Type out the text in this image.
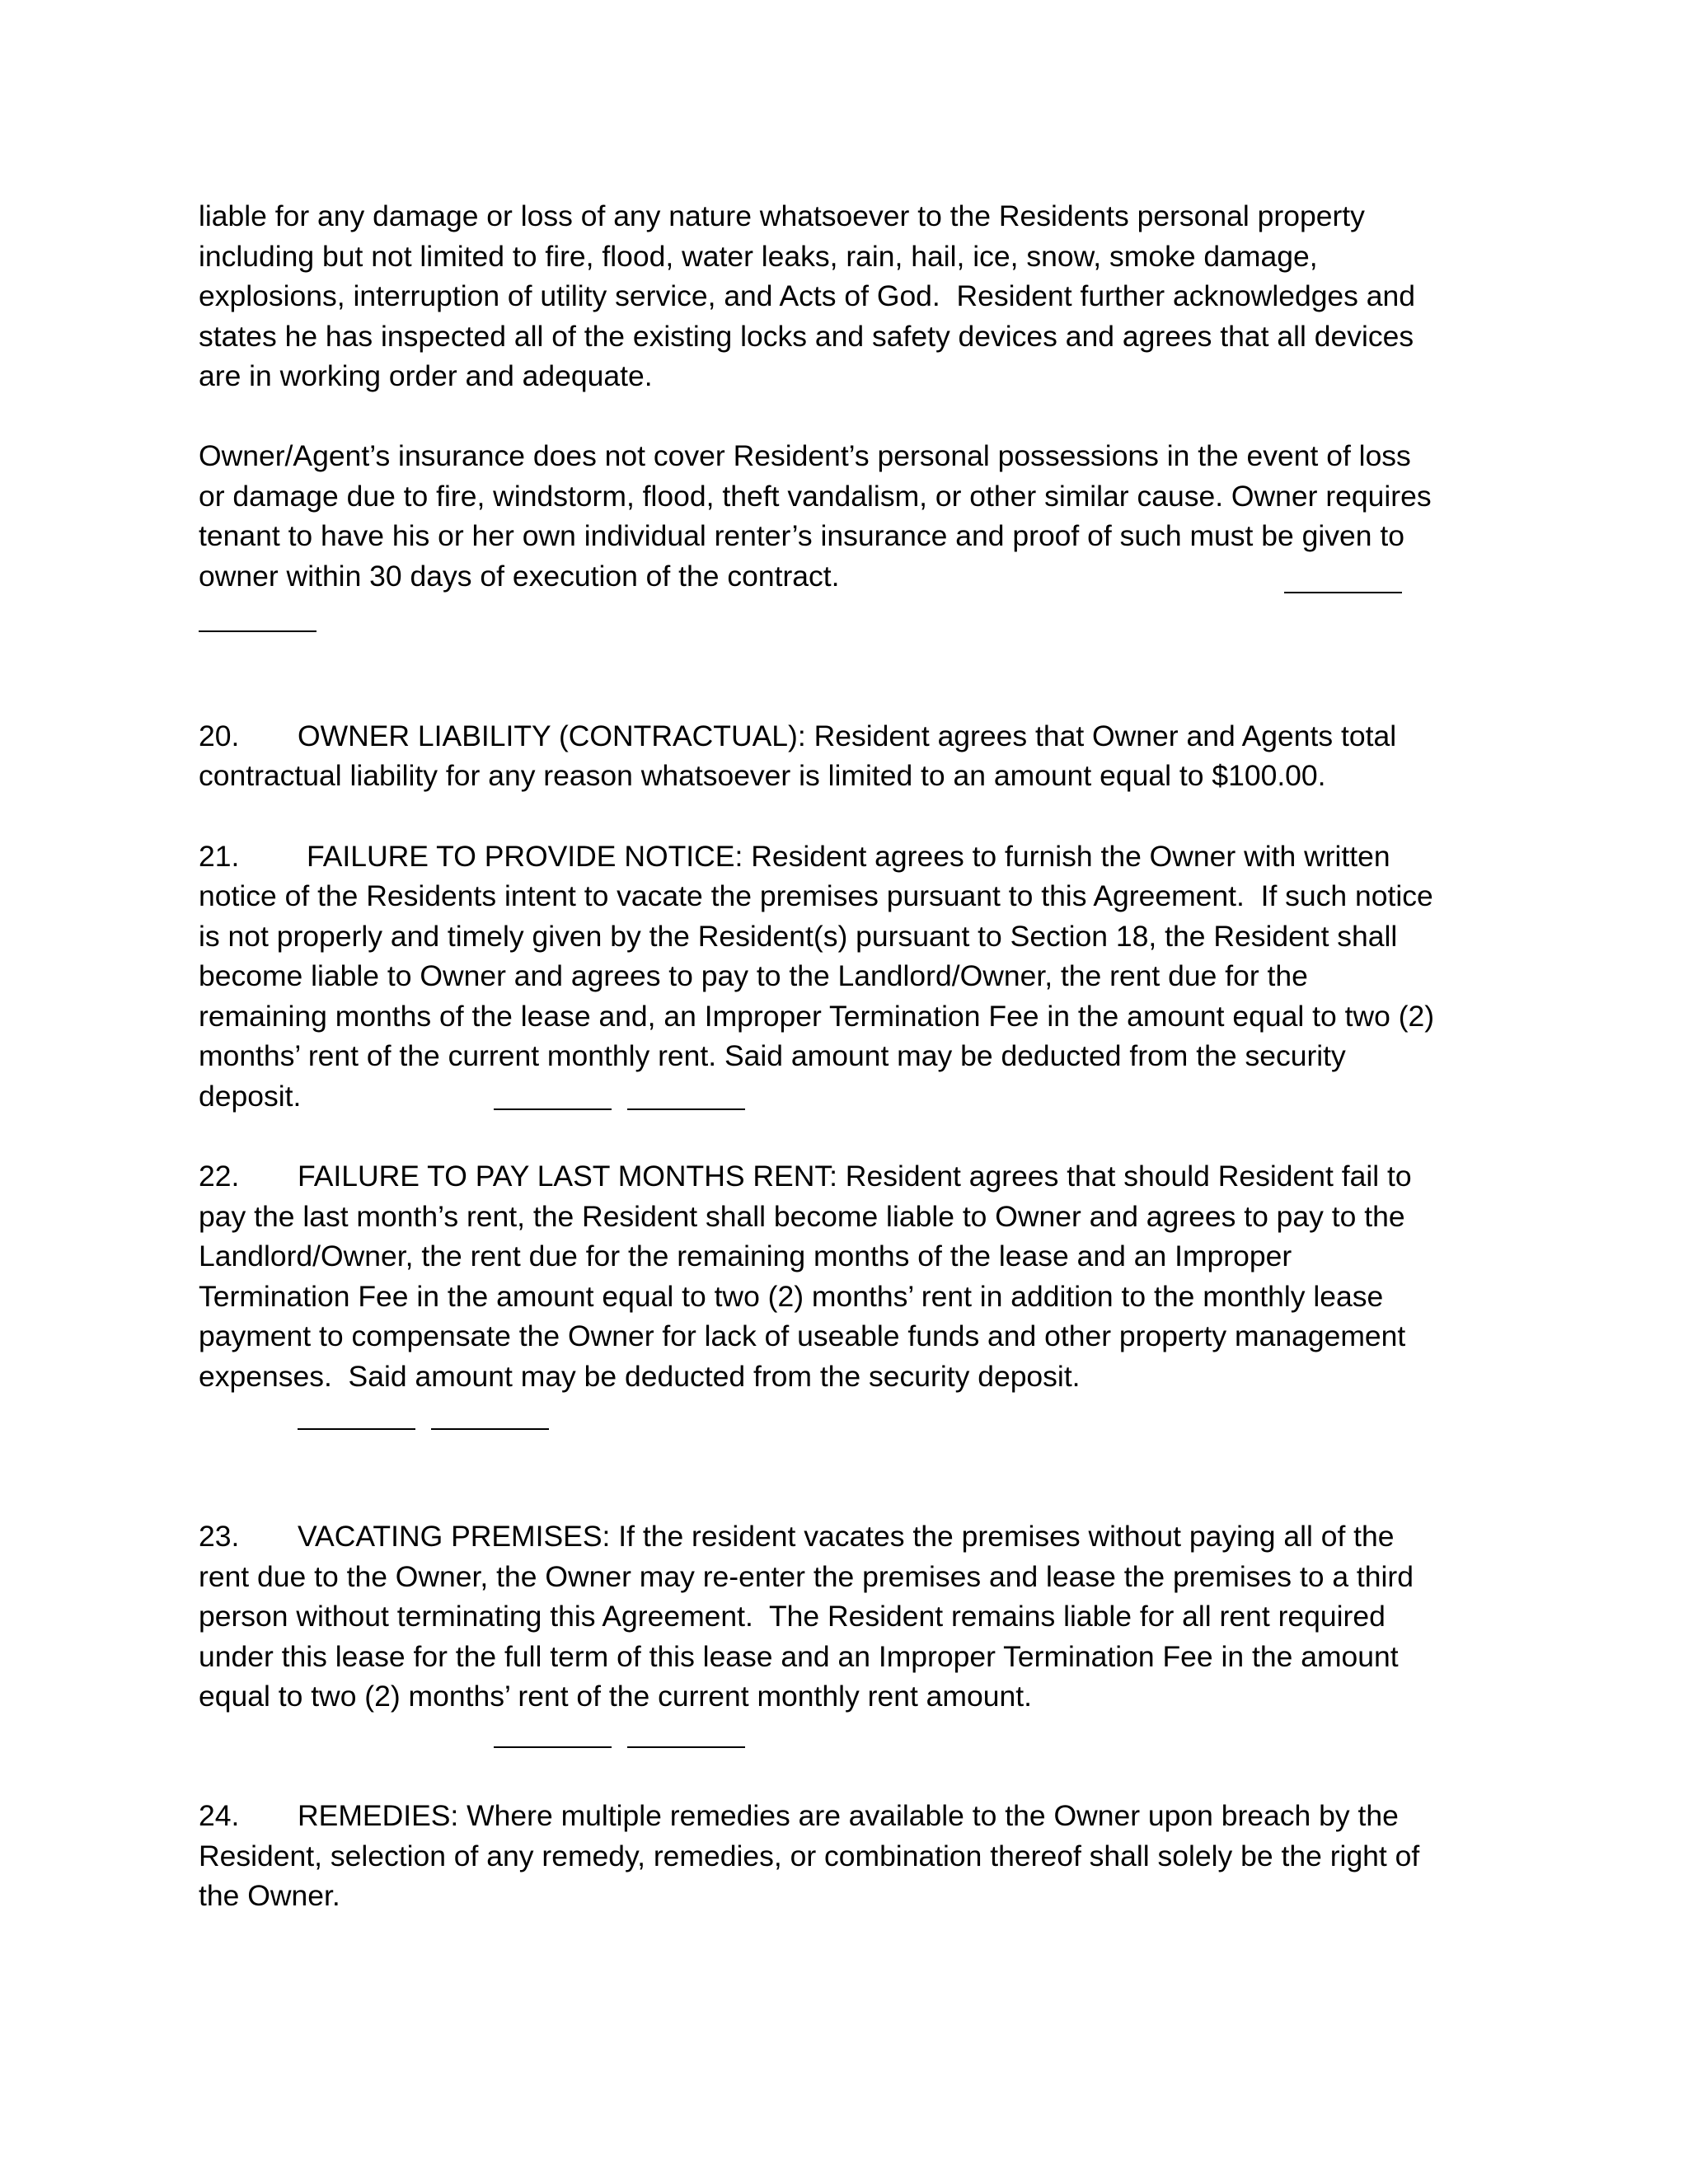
liable for any damage or loss of any nature whatsoever to the Residents personal property
including but not limited to fire, flood, water leaks, rain, hail, ice, snow, smoke damage,
explosions, interruption of utility service, and Acts of God.  Resident further acknowledges and
states he has inspected all of the existing locks and safety devices and agrees that all devices
are in working order and adequate.
Owner/Agent’s insurance does not cover Resident’s personal possessions in the event of loss
or damage due to fire, windstorm, flood, theft vandalism, or other similar cause. Owner requires
tenant to have his or her own individual renter’s insurance and proof of such must be given to
owner within 30 days of execution of the contract.
20. OWNER LIABILITY (CONTRACTUAL): Resident agrees that Owner and Agents total
contractual liability for any reason whatsoever is limited to an amount equal to $100.00.
21. FAILURE TO PROVIDE NOTICE: Resident agrees to furnish the Owner with written
notice of the Residents intent to vacate the premises pursuant to this Agreement.  If such notice
is not properly and timely given by the Resident(s) pursuant to Section 18, the Resident shall
become liable to Owner and agrees to pay to the Landlord/Owner, the rent due for the
remaining months of the lease and, an Improper Termination Fee in the amount equal to two (2)
months’ rent of the current monthly rent. Said amount may be deducted from the security
deposit.
22. FAILURE TO PAY LAST MONTHS RENT: Resident agrees that should Resident fail to
pay the last month’s rent, the Resident shall become liable to Owner and agrees to pay to the
Landlord/Owner, the rent due for the remaining months of the lease and an Improper
Termination Fee in the amount equal to two (2) months’ rent in addition to the monthly lease
payment to compensate the Owner for lack of useable funds and other property management
expenses.  Said amount may be deducted from the security deposit.
23. VACATING PREMISES: If the resident vacates the premises without paying all of the
rent due to the Owner, the Owner may re-enter the premises and lease the premises to a third
person without terminating this Agreement.  The Resident remains liable for all rent required
under this lease for the full term of this lease and an Improper Termination Fee in the amount
equal to two (2) months’ rent of the current monthly rent amount.
24. REMEDIES: Where multiple remedies are available to the Owner upon breach by the
Resident, selection of any remedy, remedies, or combination thereof shall solely be the right of
the Owner.
